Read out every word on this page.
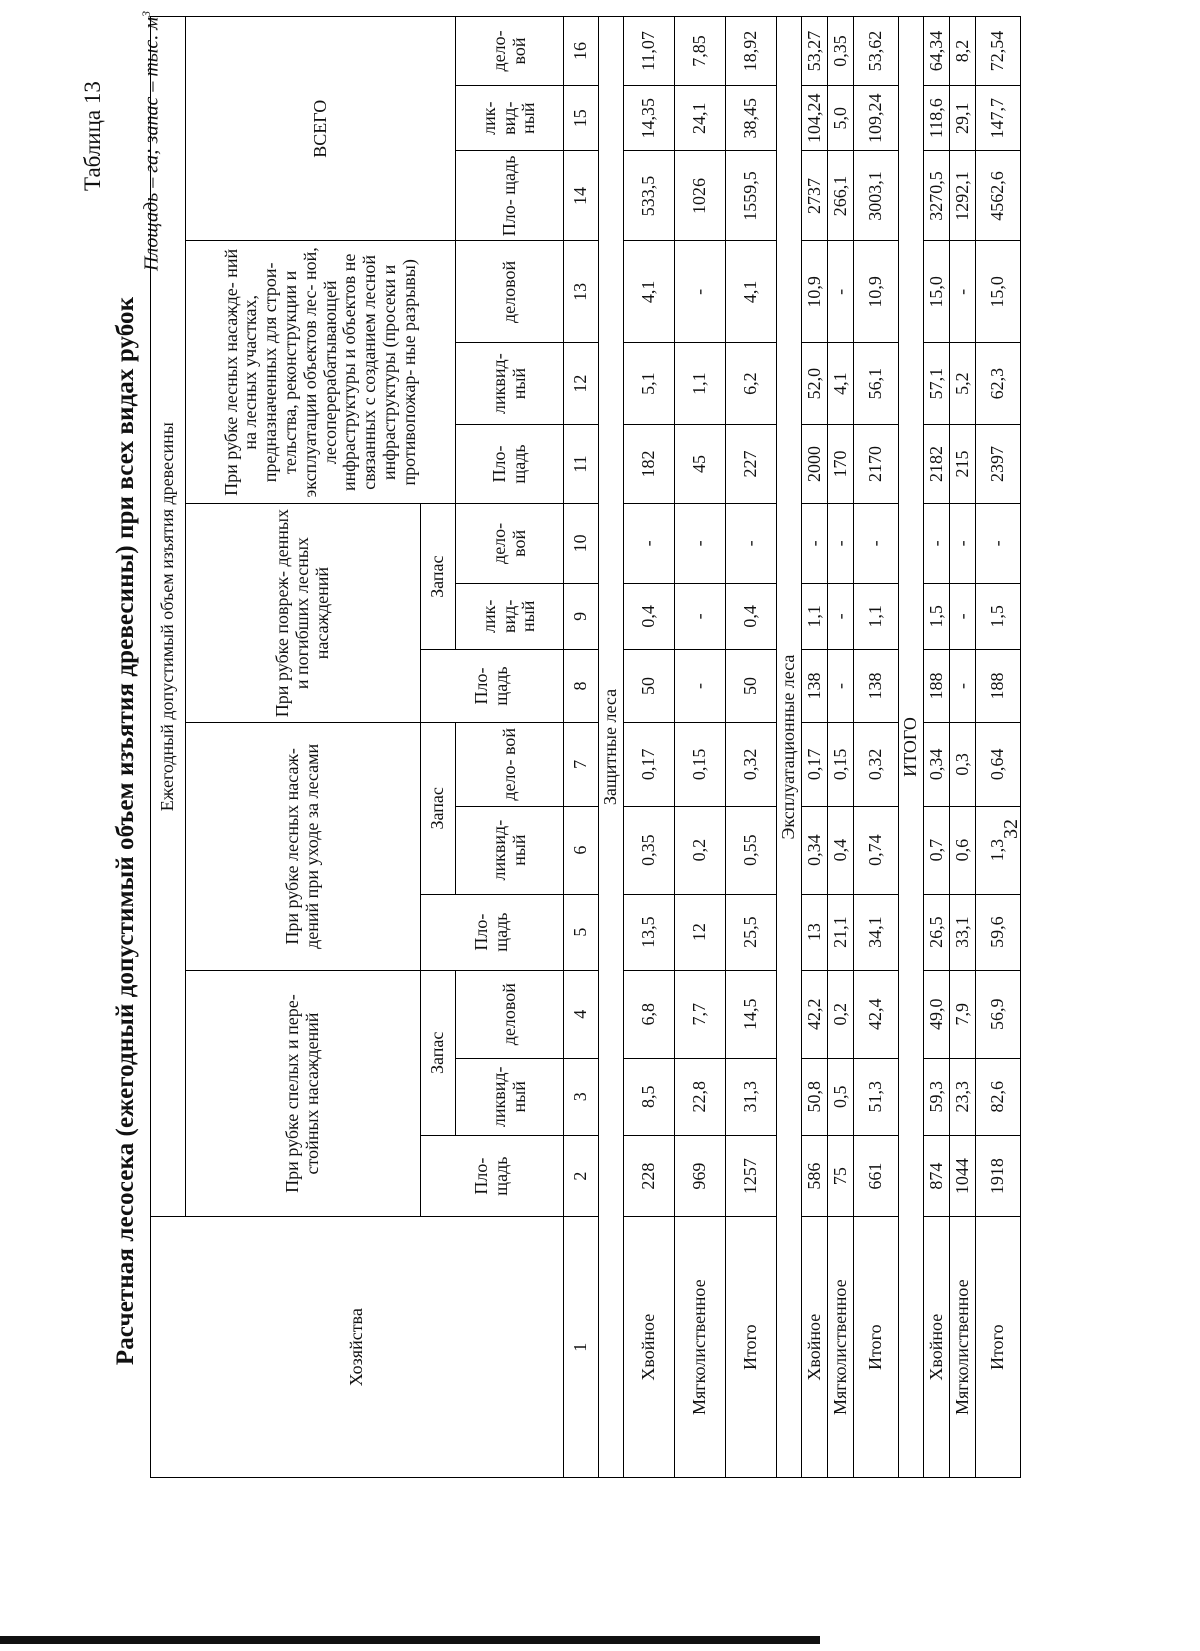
Таблица 13
Расчетная лесосека (ежегодный допустимый объем изъятия древесины) при всех видах рубок
Площадь – га; запас – тыс. $м^3$
Хозяйства	Ежегодный допустимый объем изъятия древесины														
	При рубке спелых и пере- стойных насаждений			При рубке лесных насаж- дений при уходе за лесами			При рубке повреж- денных и погибших лесных насаждений			При рубке лесных насажде- ний на лесных участках, предназначенных для строи- тельства, реконструкции и эксплуатации объектов лес- ной, лесоперерабатывающей инфраструктуры и объектов не связанных с созданием лесной инфраструктуры (просеки и противопожар- ные разрывы)			ВСЕГО		
	Пло- щадь	Запас		Пло- щадь	Запас		Пло- щадь	Запас							
		ликвид- ный	деловой		ликвид- ный	дело- вой		лик- вид- ный	дело- вой	Пло- щадь	ликвид- ный	деловой	Пло- щадь	лик- вид- ный	дело- вой
1	2	3	4	5	6	7	8	9	10	11	12	13	14	15	16
Защитные леса															
Хвойное	228	8,5	6,8	13,5	0,35	0,17	50	0,4	-	182	5,1	4,1	533,5	14,35	11,07
Мягколиственное	969	22,8	7,7	12	0,2	0,15	-	-	-	45	1,1	-	1026	24,1	7,85
Итого	1257	31,3	14,5	25,5	0,55	0,32	50	0,4	-	227	6,2	4,1	1559,5	38,45	18,92
Эксплуатационные леса															
Хвойное	586	50,8	42,2	13	0,34	0,17	138	1,1	-	2000	52,0	10,9	2737	104,24	53,27
Мягколиственное	75	0,5	0,2	21,1	0,4	0,15	-	-	-	170	4,1	-	266,1	5,0	0,35
Итого	661	51,3	42,4	34,1	0,74	0,32	138	1,1	-	2170	56,1	10,9	3003,1	109,24	53,62
ИТОГО															
Хвойное	874	59,3	49,0	26,5	0,7	0,34	188	1,5	-	2182	57,1	15,0	3270,5	118,6	64,34
Мягколиственное	1044	23,3	7,9	33,1	0,6	0,3	-	-	-	215	5,2	-	1292,1	29,1	8,2
Итого	1918	82,6	56,9	59,6	1,3	0,64	188	1,5	-	2397	62,3	15,0	4562,6	147,7	72,54
32
